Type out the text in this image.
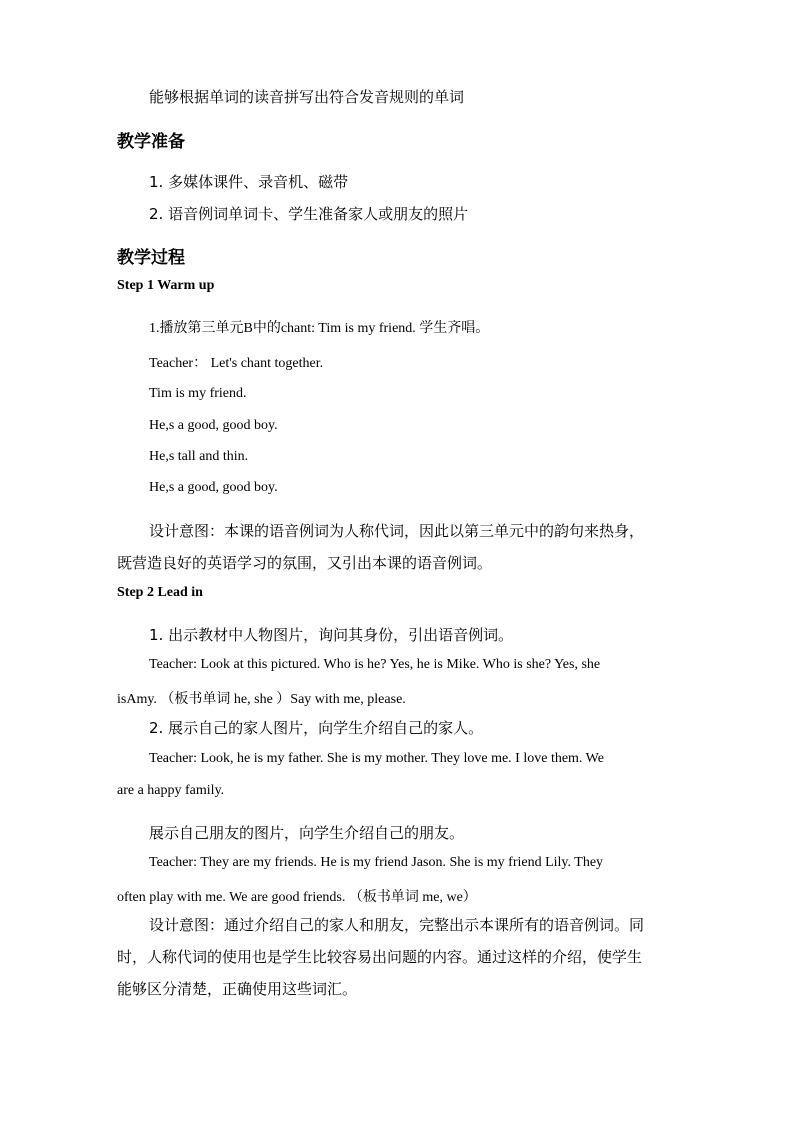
能够根据单词的读音拼写出符合发音规则的单词
教学准备
1. 多媒体课件、录音机、磁带
2. 语音例词单词卡、学生准备家人或朋友的照片
教学过程
Step 1 Warm up
1.播放第三单元B中的chant: Tim is my friend. 学生齐唱。
Teacher： Let's chant together.
Tim is my friend.
He,s a good, good boy.
He,s tall and thin.
He,s a good, good boy.
设计意图：本课的语音例词为人称代词，因此以第三单元中的韵句来热身，
既营造良好的英语学习的氛围，又引出本课的语音例词。
Step 2 Lead in
1. 出示教材中人物图片，询问其身份，引出语音例词。
Teacher: Look at this pictured. Who is he? Yes, he is Mike. Who is she? Yes, she
isAmy. （板书单词 he, she ）Say with me, please.
2. 展示自己的家人图片，向学生介绍自己的家人。
Teacher: Look, he is my father. She is my mother. They love me. I love them. We
are a happy family.
展示自己朋友的图片，向学生介绍自己的朋友。
Teacher: They are my friends. He is my friend Jason. She is my friend Lily. They
often play with me. We are good friends. （板书单词 me, we）
设计意图：通过介绍自己的家人和朋友，完整出示本课所有的语音例词。同
时，人称代词的使用也是学生比较容易出问题的内容。通过这样的介绍，使学生
能够区分清楚，正确使用这些词汇。
